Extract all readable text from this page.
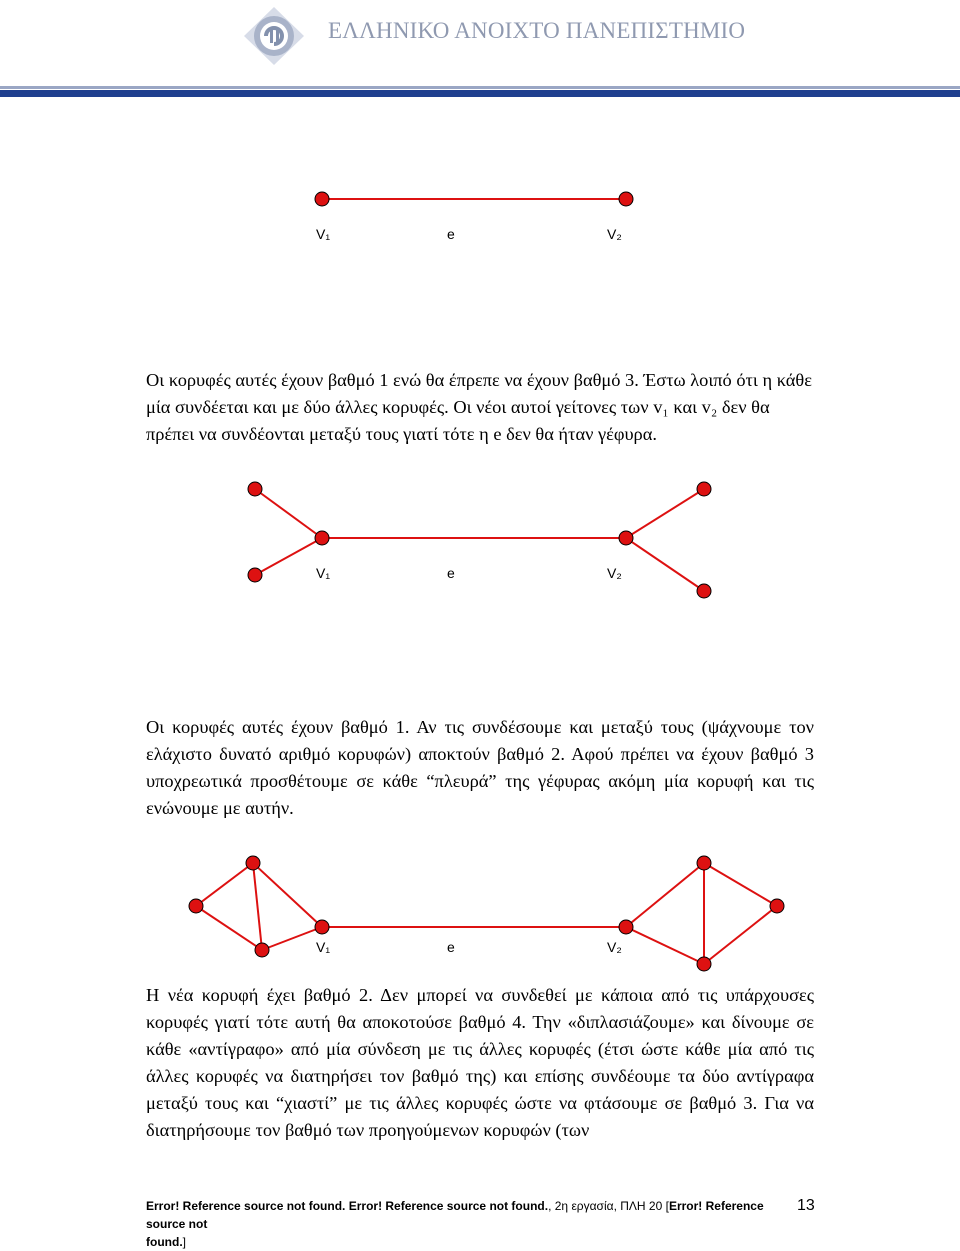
ΕΛΛΗΝΙΚΟ ΑΝΟΙΧΤΟ ΠΑΝΕΠΙΣΤΗΜΙΟ
V₁	e	V₂
Οι κορυφές αυτές έχουν βαθμό 1 ενώ θα έπρεπε να έχουν βαθμό 3. Έστω λοιπό ότι η κάθε μία συνδέεται και με δύο άλλες κορυφές. Οι νέοι αυτοί γείτονες των v₁ και v₂ δεν θα πρέπει να συνδέονται μεταξύ τους γιατί τότε η e δεν θα ήταν γέφυρα.
V₁	e	V₂
Οι κορυφές αυτές έχουν βαθμό 1. Αν τις συνδέσουμε και μεταξύ τους (ψάχνουμε τον ελάχιστο δυνατό αριθμό κορυφών) αποκτούν βαθμό 2. Αφού πρέπει να έχουν βαθμό 3 υποχρεωτικά προσθέτουμε σε κάθε “πλευρά” της γέφυρας ακόμη μία κορυφή και τις ενώνουμε με αυτήν.
V₁	e	V₂
Η νέα κορυφή έχει βαθμό 2. Δεν μπορεί να συνδεθεί με κάποια από τις υπάρχουσες κορυφές γιατί τότε αυτή θα αποκοτούσε βαθμό 4. Την «διπλασιάζουμε» και δίνουμε σε κάθε «αντίγραφο» από μία σύνδεση με τις άλλες κορυφές (έτσι ώστε κάθε μία από τις άλλες κορυφές να διατηρήσει τον βαθμό της) και επίσης συνδέουμε τα δύο αντίγραφα μεταξύ τους και “χιαστί” με τις άλλες κορυφές ώστε να φτάσουμε σε βαθμό 3. Για να διατηρήσουμε τον βαθμό των προηγούμενων κορυφών (των
Error! Reference source not found. Error! Reference source not found., 2η εργασία, ΠΛΗ 20 [Error! Reference source not
found.]
13
